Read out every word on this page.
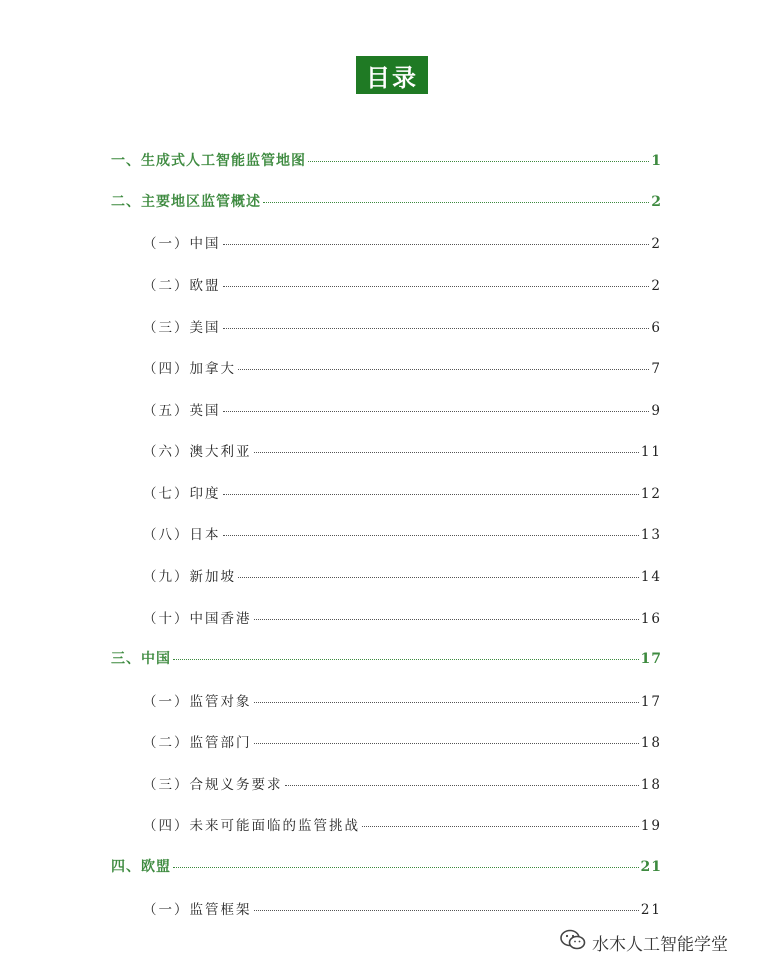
目录
一、生成式人工智能监管地图	1
二、主要地区监管概述	2
（一）中国	2
（二）欧盟	2
（三）美国	6
（四）加拿大	7
（五）英国	9
（六）澳大利亚	11
（七）印度	12
（八）日本	13
（九）新加坡	14
（十）中国香港	16
三、中国	17
（一）监管对象	17
（二）监管部门	18
（三）合规义务要求	18
（四）未来可能面临的监管挑战	19
四、欧盟	21
（一）监管框架	21
水木人工智能学堂
